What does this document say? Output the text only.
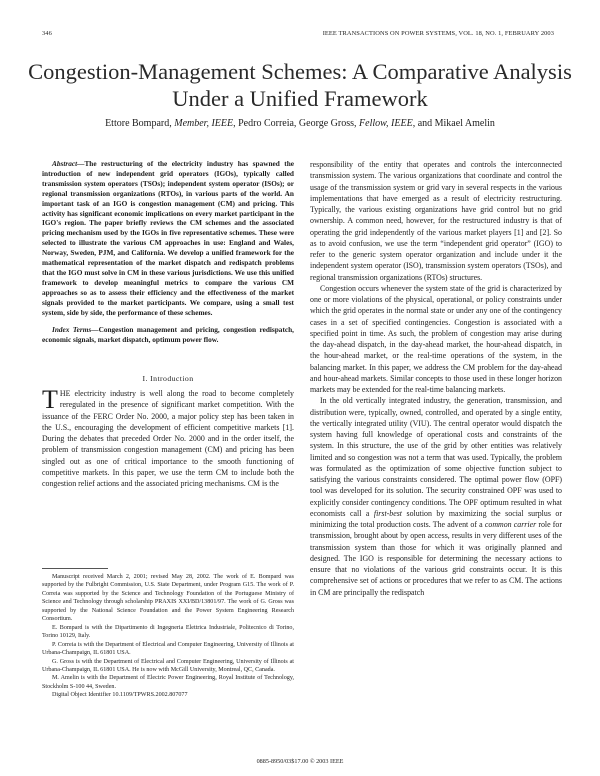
346	IEEE TRANSACTIONS ON POWER SYSTEMS, VOL. 18, NO. 1, FEBRUARY 2003
Congestion-Management Schemes: A Comparative Analysis Under a Unified Framework
Ettore Bompard, Member, IEEE, Pedro Correia, George Gross, Fellow, IEEE, and Mikael Amelin

Abstract—The restructuring of the electricity industry has spawned the introduction of new independent grid operators (IGOs), typically called transmission system operators (TSOs); independent system operator (ISOs); or regional transmission organizations (RTOs), in various parts of the world. An important task of an IGO is congestion management (CM) and pricing. This activity has significant economic implications on every market participant in the IGO's region. The paper briefly reviews the CM schemes and the associated pricing mechanism used by the IGOs in five representative schemes. These were selected to illustrate the various CM approaches in use: England and Wales, Norway, Sweden, PJM, and California. We develop a unified framework for the mathematical representation of the market dispatch and redispatch problems that the IGO must solve in CM in these various jurisdictions. We use this unified framework to develop meaningful metrics to compare the various CM approaches so as to assess their efficiency and the effectiveness of the market signals provided to the market participants. We compare, using a small test system, side by side, the performance of these schemes.

Index Terms—Congestion management and pricing, congestion redispatch, economic signals, market dispatch, optimum power flow.

I. Introduction

THE electricity industry is well along the road to become completely reregulated in the presence of significant market competition. With the issuance of the FERC Order No. 2000, a major policy step has been taken in the U.S., encouraging the development of efficient competitive markets [1]. During the debates that preceded Order No. 2000 and in the order itself, the problem of transmission congestion management (CM) and pricing has been singled out as one of critical importance to the smooth functioning of competitive markets. In this paper, we use the term CM to include both the congestion relief actions and the associated pricing mechanisms. CM is the

Manuscript received March 2, 2001; revised May 28, 2002. The work of E. Bompard was supported by the Fulbright Commission, U.S. State Department, under Program G15. The work of P. Correia was supported by the Science and Technology Foundation of the Portuguese Ministry of Science and Technology through scholarship PRAXIS XXI/BD/13801/97. The work of G. Gross was supported by the National Science Foundation and the Power System Engineering Research Consortium.

E. Bompard is with the Dipartimento di Ingegneria Elettrica Industriale, Politecnico di Torino, Torino 10129, Italy.

P. Correia is with the Department of Electrical and Computer Engineering, University of Illinois at Urbana-Champaign, IL 61801 USA.

G. Gross is with the Department of Electrical and Computer Engineering, University of Illinois at Urbana-Champaign, IL 61801 USA. He is now with McGill University, Montreal, QC, Canada.

M. Amelin is with the Department of Electric Power Engineering, Royal Institute of Technology, Stockholm S-100 44, Sweden.

Digital Object Identifier 10.1109/TPWRS.2002.807077

responsibility of the entity that operates and controls the interconnected transmission system. The various organizations that coordinate and control the usage of the transmission system or grid vary in several respects in the various implementations that have emerged as a result of electricity restructuring. Typically, the various existing organizations have grid control but no grid ownership. A common need, however, for the restructured industry is that of operating the grid independently of the various market players [1] and [2]. So as to avoid confusion, we use the term “independent grid operator” (IGO) to refer to the generic system operator organization and include under it the independent system operator (ISO), transmission system operators (TSOs), and regional transmission organizations (RTOs) structures.

Congestion occurs whenever the system state of the grid is characterized by one or more violations of the physical, operational, or policy constraints under which the grid operates in the normal state or under any one of the contingency cases in a set of specified contingencies. Congestion is associated with a specified point in time. As such, the problem of congestion may arise during the day-ahead dispatch, in the day-ahead market, the hour-ahead dispatch, in the hour-ahead market, or the real-time operations of the system, in the balancing market. In this paper, we address the CM problem for the day-ahead and hour-ahead markets. Similar concepts to those used in these longer horizon markets may be extended for the real-time balancing markets.

In the old vertically integrated industry, the generation, transmission, and distribution were, typically, owned, controlled, and operated by a single entity, the vertically integrated utility (VIU). The central operator would dispatch the system having full knowledge of operational costs and constraints of the system. In this structure, the use of the grid by other entities was relatively limited and so congestion was not a term that was used. Typically, the problem was formulated as the optimization of some objective function subject to satisfying the various constraints considered. The optimal power flow (OPF) tool was developed for its solution. The security constrained OPF was used to explicitly consider contingency conditions. The OPF optimum resulted in what economists call a first-best solution by maximizing the social surplus or minimizing the total production costs. The advent of a common carrier role for transmission, brought about by open access, results in very different uses of the transmission system than those for which it was originally planned and designed. The IGO is responsible for determining the necessary actions to ensure that no violations of the various grid constraints occur. It is this comprehensive set of actions or procedures that we refer to as CM. The actions in CM are principally the redispatch

0885-8950/03$17.00 © 2003 IEEE
